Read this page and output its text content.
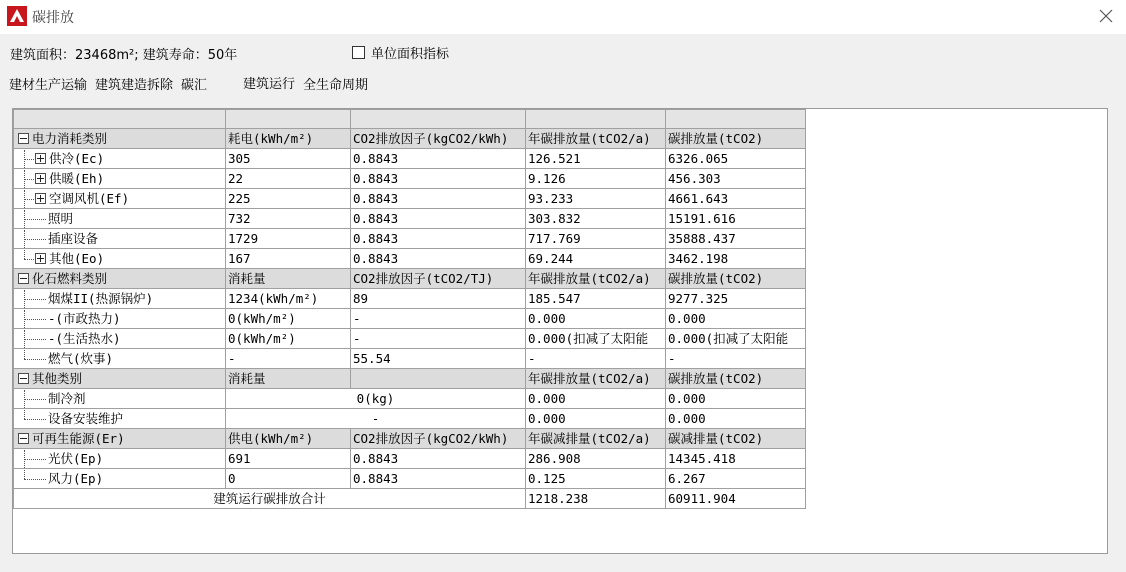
碳排放
建筑面积：23468m²; 建筑寿命：50年	单位面积指标
建材生产运输 建筑建造拆除 碳汇	建筑运行 全生命周期

电力消耗类别	耗电(kWh/m²)	CO2排放因子(kgCO2/kWh)	年碳排放量(tCO2/a)	碳排放量(tCO2)

供冷(Ec)	305	0.8843	126.521	6326.065

供暖(Eh)	22	0.8843	9.126	456.303

空调风机(Ef)	225	0.8843	93.233	4661.643

照明	732	0.8843	303.832	15191.616

插座设备	1729	0.8843	717.769	35888.437

其他(Eo)	167	0.8843	69.244	3462.198

化石燃料类别	消耗量	CO2排放因子(tCO2/TJ)	年碳排放量(tCO2/a)	碳排放量(tCO2)

烟煤II(热源锅炉)	1234(kWh/m²)	89	185.547	9277.325

-(市政热力)	0(kWh/m²)	-	0.000	0.000

-(生活热水)	0(kWh/m²)	-	0.000(扣减了太阳能	0.000(扣减了太阳能

燃气(炊事)	-	55.54	-	-

其他类别	消耗量		年碳排放量(tCO2/a)	碳排放量(tCO2)

制冷剂	0(kg)		0.000	0.000

设备安装维护	-		0.000	0.000

可再生能源(Er)	供电(kWh/m²)	CO2排放因子(kgCO2/kWh)	年碳减排量(tCO2/a)	碳减排量(tCO2)

光伏(Ep)	691	0.8843	286.908	14345.418

风力(Ep)	0	0.8843	0.125	6.267
建筑运行碳排放合计			1218.238	60911.904
